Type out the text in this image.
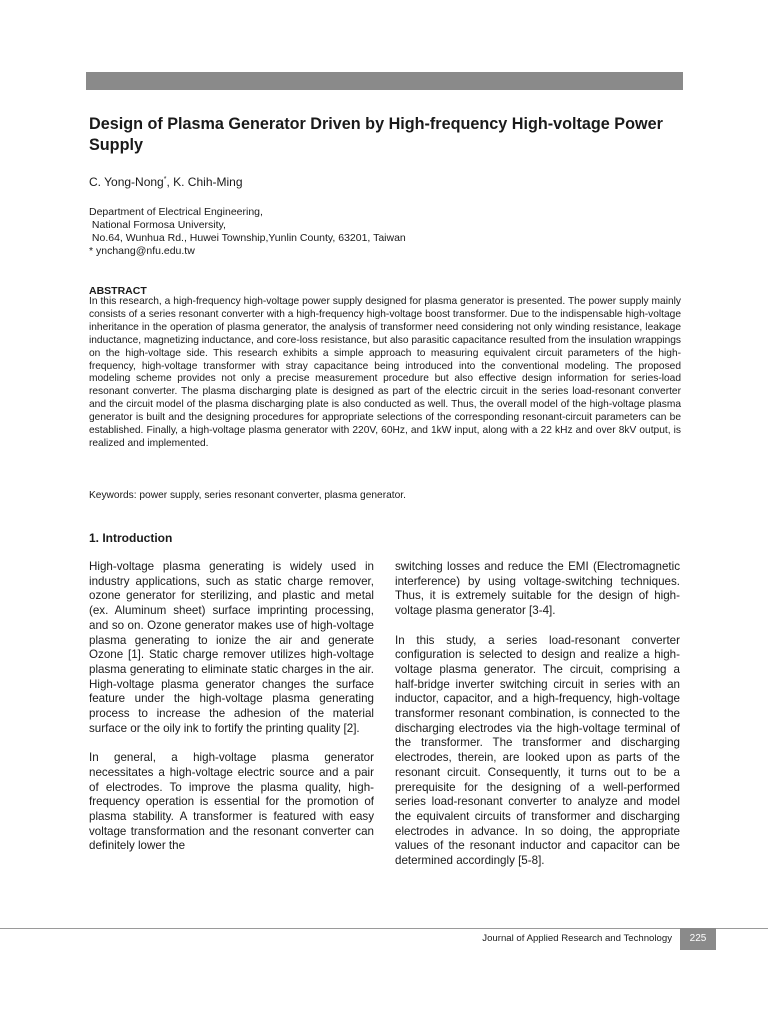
Design of Plasma Generator Driven by High-frequency High-voltage Power Supply
C. Yong-Nong*, K. Chih-Ming
Department of Electrical Engineering,
National Formosa University,
No.64, Wunhua Rd., Huwei Township,Yunlin County, 63201, Taiwan
* ynchang@nfu.edu.tw
ABSTRACT
In this research, a high-frequency high-voltage power supply designed for plasma generator is presented. The power supply mainly consists of a series resonant converter with a high-frequency high-voltage boost transformer. Due to the indispensable high-voltage inheritance in the operation of plasma generator, the analysis of transformer need considering not only winding resistance, leakage inductance, magnetizing inductance, and core-loss resistance, but also parasitic capacitance resulted from the insulation wrappings on the high-voltage side. This research exhibits a simple approach to measuring equivalent circuit parameters of the high-frequency, high-voltage transformer with stray capacitance being introduced into the conventional modeling. The proposed modeling scheme provides not only a precise measurement procedure but also effective design information for series-load resonant converter. The plasma discharging plate is designed as part of the electric circuit in the series load-resonant converter and the circuit model of the plasma discharging plate is also conducted as well. Thus, the overall model of the high-voltage plasma generator is built and the designing procedures for appropriate selections of the corresponding resonant-circuit parameters can be established. Finally, a high-voltage plasma generator with 220V, 60Hz, and 1kW input, along with a 22 kHz and over 8kV output, is realized and implemented.
Keywords: power supply, series resonant converter, plasma generator.
1. Introduction

High-voltage plasma generating is widely used in industry applications, such as static charge remover, ozone generator for sterilizing, and plastic and metal (ex. Aluminum sheet) surface imprinting processing, and so on. Ozone generator makes use of high-voltage plasma generating to ionize the air and generate Ozone [1]. Static charge remover utilizes high-voltage plasma generating to eliminate static charges in the air. High-voltage plasma generator changes the surface feature under the high-voltage plasma generating process to increase the adhesion of the material surface or the oily ink to fortify the printing quality [2].

In general, a high-voltage plasma generator necessitates a high-voltage electric source and a pair of electrodes. To improve the plasma quality, high-frequency operation is essential for the promotion of plasma stability. A transformer is featured with easy voltage transformation and the resonant converter can definitely lower the

switching losses and reduce the EMI (Electromagnetic interference) by using voltage-switching techniques. Thus, it is extremely suitable for the design of high-voltage plasma generator [3-4].

In this study, a series load-resonant converter configuration is selected to design and realize a high-voltage plasma generator. The circuit, comprising a half-bridge inverter switching circuit in series with an inductor, capacitor, and a high-frequency, high-voltage transformer resonant combination, is connected to the discharging electrodes via the high-voltage terminal of the transformer. The transformer and discharging electrodes, therein, are looked upon as parts of the resonant circuit. Consequently, it turns out to be a prerequisite for the designing of a well-performed series load-resonant converter to analyze and model the equivalent circuits of transformer and discharging electrodes in advance. In so doing, the appropriate values of the resonant inductor and capacitor can be determined accordingly [5-8].

Journal of Applied Research and Technology	225
